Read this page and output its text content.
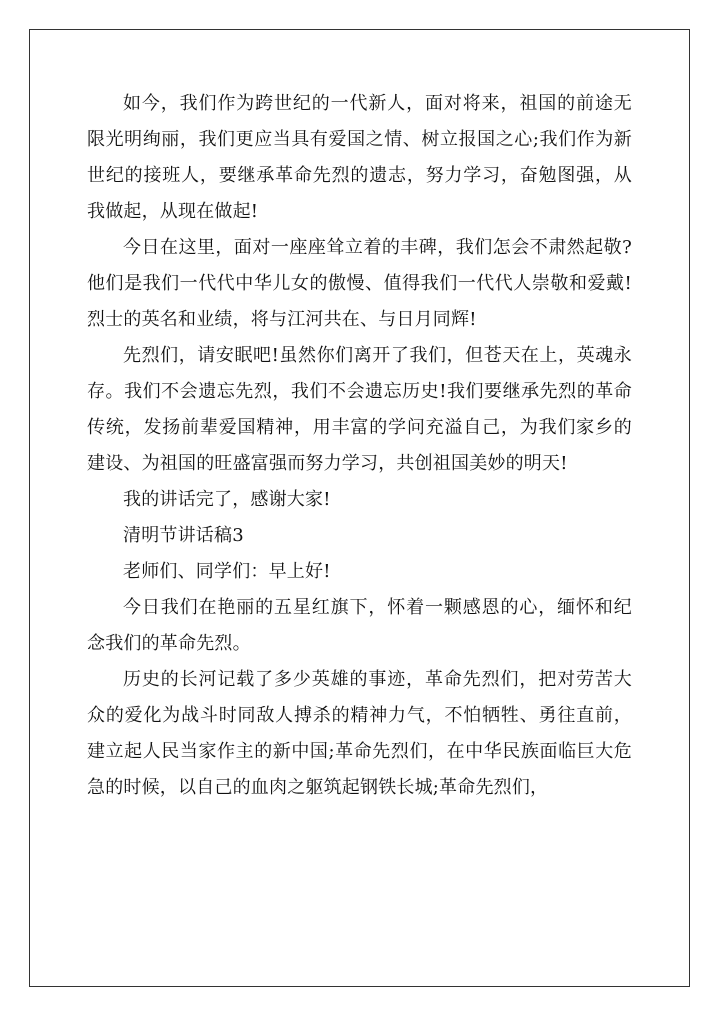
如今，我们作为跨世纪的一代新人，面对将来，祖国的前途无限光明绚丽，我们更应当具有爱国之情、树立报国之心;我们作为新世纪的接班人，要继承革命先烈的遗志，努力学习，奋勉图强，从我做起，从现在做起!

今日在这里，面对一座座耸立着的丰碑，我们怎会不肃然起敬?他们是我们一代代中华儿女的傲慢、值得我们一代代人崇敬和爱戴!烈士的英名和业绩，将与江河共在、与日月同辉!

先烈们，请安眠吧!虽然你们离开了我们，但苍天在上，英魂永存。我们不会遗忘先烈，我们不会遗忘历史!我们要继承先烈的革命传统，发扬前辈爱国精神，用丰富的学问充溢自己，为我们家乡的建设、为祖国的旺盛富强而努力学习，共创祖国美妙的明天!

我的讲话完了，感谢大家!

清明节讲话稿3

老师们、同学们：早上好!

今日我们在艳丽的五星红旗下，怀着一颗感恩的心，缅怀和纪念我们的革命先烈。

历史的长河记载了多少英雄的事迹，革命先烈们，把对劳苦大众的爱化为战斗时同敌人搏杀的精神力气，不怕牺牲、勇往直前，建立起人民当家作主的新中国;革命先烈们，在中华民族面临巨大危急的时候，以自己的血肉之躯筑起钢铁长城;革命先烈们，
